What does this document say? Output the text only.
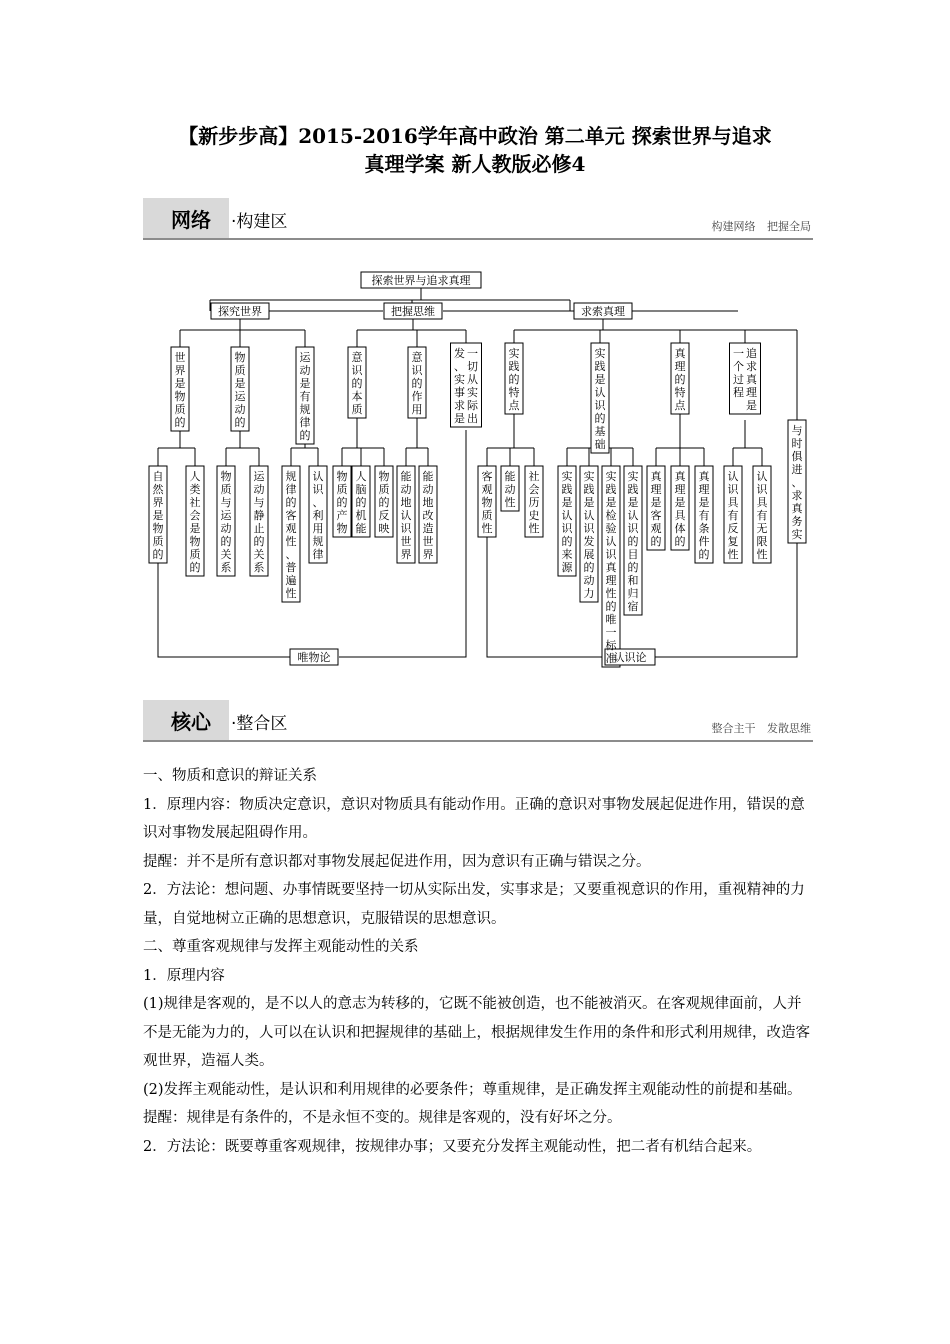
【新步步高】2015-2016学年高中政治 第二单元 探索世界与追求
真理学案 新人教版必修4
网络 ·构建区	构建网络 把握全局
探索世界与追求真理
探究世界	把握思维	求索真理
世界是物质的
物质是运动的
运动是有规律的
意识的本质
意识的作用
一切从实际出发、实事求是
实践的特点
实践是认识的基础
真理的特点
追求真理是一个过程
与时俱进、求真务实
自然界是物质的
人类社会是物质的
物质与运动的关系
运动与静止的关系
规律的客观性、普遍性
认识、利用规律
物质的产物
人脑的机能
物质的反映
能动地认识世界
能动地改造世界
客观物质性
能动性
社会历史性
实践是认识的来源
实践是认识发展的动力
实践是检验认识真理性的唯一标准
实践是认识的目的和归宿
真理是客观的
真理是具体的
真理是有条件的
认识具有反复性
认识具有无限性
唯物论	认识论
核心 ·整合区	整合主干 发散思维

一、物质和意识的辩证关系

1．原理内容：物质决定意识，意识对物质具有能动作用。正确的意识对事物发展起促进作用，错误的意识对事物发展起阻碍作用。

提醒：并不是所有意识都对事物发展起促进作用，因为意识有正确与错误之分。

2．方法论：想问题、办事情既要坚持一切从实际出发，实事求是；又要重视意识的作用，重视精神的力量，自觉地树立正确的思想意识，克服错误的思想意识。

二、尊重客观规律与发挥主观能动性的关系

1．原理内容

(1)规律是客观的，是不以人的意志为转移的，它既不能被创造，也不能被消灭。在客观规律面前，人并不是无能为力的，人可以在认识和把握规律的基础上，根据规律发生作用的条件和形式利用规律，改造客观世界，造福人类。

(2)发挥主观能动性，是认识和利用规律的必要条件；尊重规律，是正确发挥主观能动性的前提和基础。

提醒：规律是有条件的，不是永恒不变的。规律是客观的，没有好坏之分。

2．方法论：既要尊重客观规律，按规律办事；又要充分发挥主观能动性，把二者有机结合起来。
